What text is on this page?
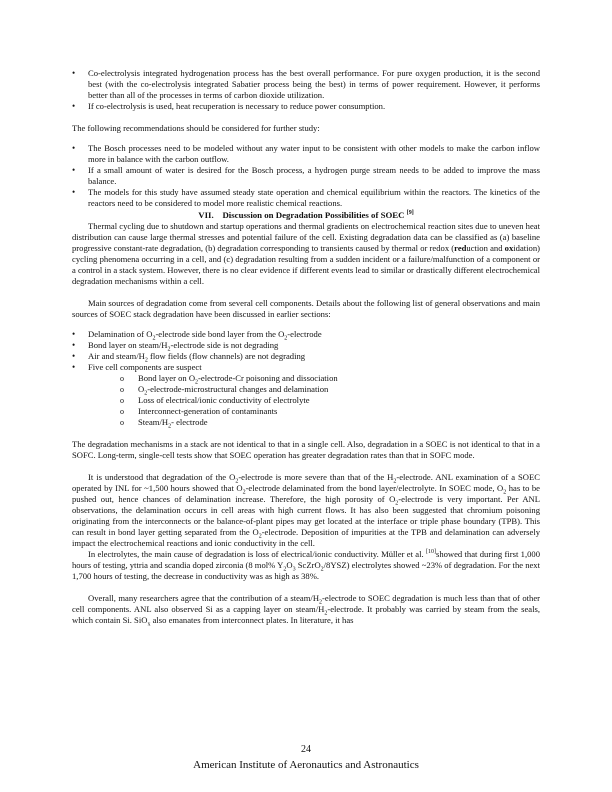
• Co-electrolysis integrated hydrogenation process has the best overall performance. For pure oxygen production, it is the second best (with the co-electrolysis integrated Sabatier process being the best) in terms of power requirement. However, it performs better than all of the processes in terms of carbon dioxide utilization.
• If co-electrolysis is used, heat recuperation is necessary to reduce power consumption.

The following recommendations should be considered for further study:

• The Bosch processes need to be modeled without any water input to be consistent with other models to make the carbon inflow more in balance with the carbon outflow.
• If a small amount of water is desired for the Bosch process, a hydrogen purge stream needs to be added to improve the mass balance.
• The models for this study have assumed steady state operation and chemical equilibrium within the reactors. The kinetics of the reactors need to be considered to model more realistic chemical reactions.
VII. Discussion on Degradation Possibilities of SOEC [9]

Thermal cycling due to shutdown and startup operations and thermal gradients on electrochemical reaction sites due to uneven heat distribution can cause large thermal stresses and potential failure of the cell. Existing degradation data can be classified as (a) baseline progressive constant-rate degradation, (b) degradation corresponding to transients caused by thermal or redox (reduction and oxidation) cycling phenomena occurring in a cell, and (c) degradation resulting from a sudden incident or a failure/malfunction of a component or a control in a stack system. However, there is no clear evidence if different events lead to similar or drastically different electrochemical degradation mechanisms within a cell.

Main sources of degradation come from several cell components. Details about the following list of general observations and main sources of SOEC stack degradation have been discussed in earlier sections:

• Delamination of $O_2$-electrode side bond layer from the $O_2$-electrode
• Bond layer on steam/$H_2$-electrode side is not degrading
• Air and steam/$H_2$ flow fields (flow channels) are not degrading
• Five cell components are suspect
o Bond layer on $O_2-electrode-Cr$ poisoning and dissociation
o $O_2-electrode$-microstructural changes and delamination
o Loss of electrical/ionic conductivity of electrolyte
o Interconnect-generation of contaminants
o Steam/$H_2-$ electrode

The degradation mechanisms in a stack are not identical to that in a single cell. Also, degradation in a SOEC is not identical to that in a SOFC. Long-term, single-cell tests show that SOEC operation has greater degradation rates than that in SOFC mode.

It is understood that degradation of the $O_2$-electrode is more severe than that of the $H_2$-electrode. ANL examination of a SOEC operated by INL for ~1,500 hours showed that $O_2$-electrode delaminated from the bond layer/electrolyte. In SOEC mode, $O_2$ has to be pushed out, hence chances of delamination increase. Therefore, the high porosity of $O_2$-electrode is very important. Per ANL observations, the delamination occurs in cell areas with high current flows. It has also been suggested that chromium poisoning originating from the interconnects or the balance-of-plant pipes may get located at the interface or triple phase boundary (TPB). This can result in bond layer getting separated from the $O_2$-electrode. Deposition of impurities at the TPB and delamination can adversely impact the electrochemical reactions and ionic conductivity in the cell.

In electrolytes, the main cause of degradation is loss of electrical/ionic conductivity. Müller et al. [10]showed that during first 1,000 hours of testing, yttria and scandia doped zirconia (8 mol% $Y_2O_3$ ScZrO$_2$/8YSZ) electrolytes showed ~23% of degradation. For the next 1,700 hours of testing, the decrease in conductivity was as high as 38%.

Overall, many researchers agree that the contribution of a steam/$H_2$-electrode to SOEC degradation is much less than that of other cell components. ANL also observed Si as a capping layer on steam/$H_2$-electrode. It probably was carried by steam from the seals, which contain Si. SiO$_x$ also emanates from interconnect plates. In literature, it has

24
American Institute of Aeronautics and Astronautics
